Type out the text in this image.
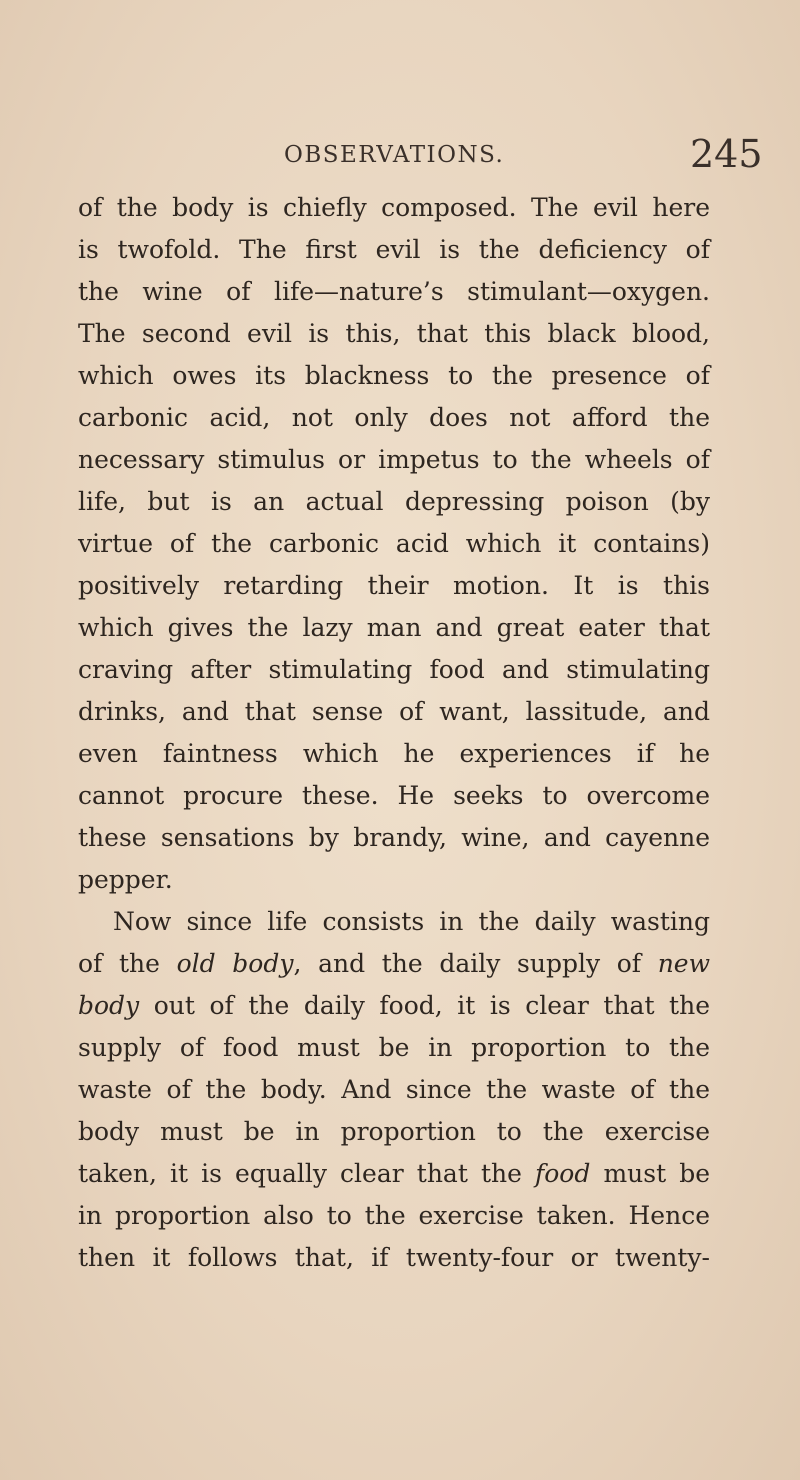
OBSERVATIONS.	245
of the body is chiefly composed. The evil here
is twofold. The first evil is the deficiency of
the wine of life—nature’s stimulant—oxygen.
The second evil is this, that this black blood,
which owes its blackness to the presence of
carbonic acid, not only does not afford the
necessary stimulus or impetus to the wheels of
life, but is an actual depressing poison (by
virtue of the carbonic acid which it contains)
positively retarding their motion. It is this
which gives the lazy man and great eater that
craving after stimulating food and stimulating
drinks, and that sense of want, lassitude, and
even faintness which he experiences if he
cannot procure these. He seeks to overcome
these sensations by brandy, wine, and cayenne
pepper.
Now since life consists in the daily wasting
of the old body, and the daily supply of new
body out of the daily food, it is clear that the
supply of food must be in proportion to the
waste of the body. And since the waste of the
body must be in proportion to the exercise
taken, it is equally clear that the food must be
in proportion also to the exercise taken. Hence
then it follows that, if twenty-four or twenty-
